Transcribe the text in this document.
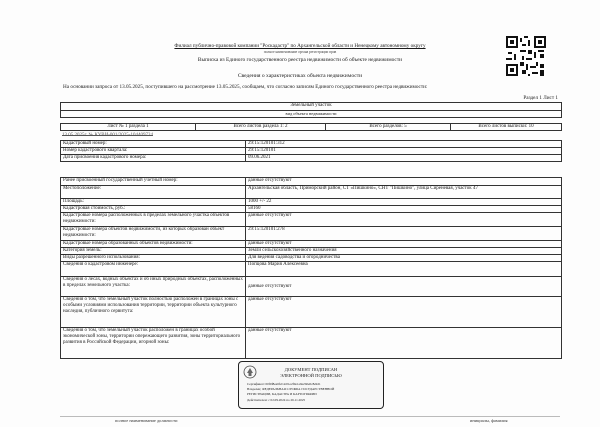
Филиал публично-правовой компании "Роскадастр" по Архангельской области и Ненецкому автономному округу
полное наименование органа регистрации прав
Выписка из Единого государственного реестра недвижимости об объекте недвижимости
Сведения о характеристиках объекта недвижимости
На основании запроса от 13.05.2025, поступившего на рассмотрение 13.05.2025, сообщаем, что согласно записям Единого государственного реестра недвижимости:
Раздел 1 Лист 1
Земельный участок
вид объекта недвижимости
Лист № 1 раздела 1	Всего листов раздела 1: 2	Всего разделов: 5	Всего листов выписки: 10
13.05.2025г. № КУВИ-001/2025-104409724
Кадастровый номер:	29:15:120101:312
Номер кадастрового квартала:	29:15:120101
Дата присвоения кадастрового номера:	09.06.2021
Ранее присвоенный государственный учетный номер:	данные отсутствуют
Местоположение:	Архангельская область, Приморский район, СТ «Пишкино», СНТ "Пишкино", улица Сиреневая, участок 47
Площадь:	1000 +/- 22
Кадастровая стоимость, руб.:	58160
Кадастровые номера расположенных в пределах земельного участка объектов недвижимости:	данные отсутствуют
Кадастровые номера объектов недвижимости, из которых образован объект недвижимости:	29:15:120101:278
Кадастровые номера образованных объектов недвижимости:	данные отсутствуют
Категория земель:	Земли сельскохозяйственного назначения
Виды разрешенного использования:	Для ведения садоводства и огородничества
Сведения о кадастровом инженере:	Попцова Мария Алексеевна
Сведения о лесах, водных объектах и об иных природных объектах, расположенных в пределах земельного участка:	данные отсутствуют
Сведения о том, что земельный участок полностью расположен в границах зоны с особыми условиями использования территории, территории объекта культурного наследия, публичного сервитута:	данные отсутствуют
Сведения о том, что земельный участок расположен в границах особой экономической зоны, территории опережающего развития, зоны территориального развития в Российской Федерации, игорной зоны:	данные отсутствуют
ДОКУМЕНТ ПОДПИСАН
ЭЛЕКТРОННОЙ ПОДПИСЬЮ
Сертификат: 00f0f8ea6f2c4c01e2f0e1a9e2b0e0c8e9d1
Владелец: ФЕДЕРАЛЬНАЯ СЛУЖБА ГОСУДАРСТВЕННОЙ
РЕГИСТРАЦИИ, КАДАСТРА И КАРТОГРАФИИ
Действителен: с 02.09.2024 по 26.11.2025
полное наименование должности	инициалы, фамилия
